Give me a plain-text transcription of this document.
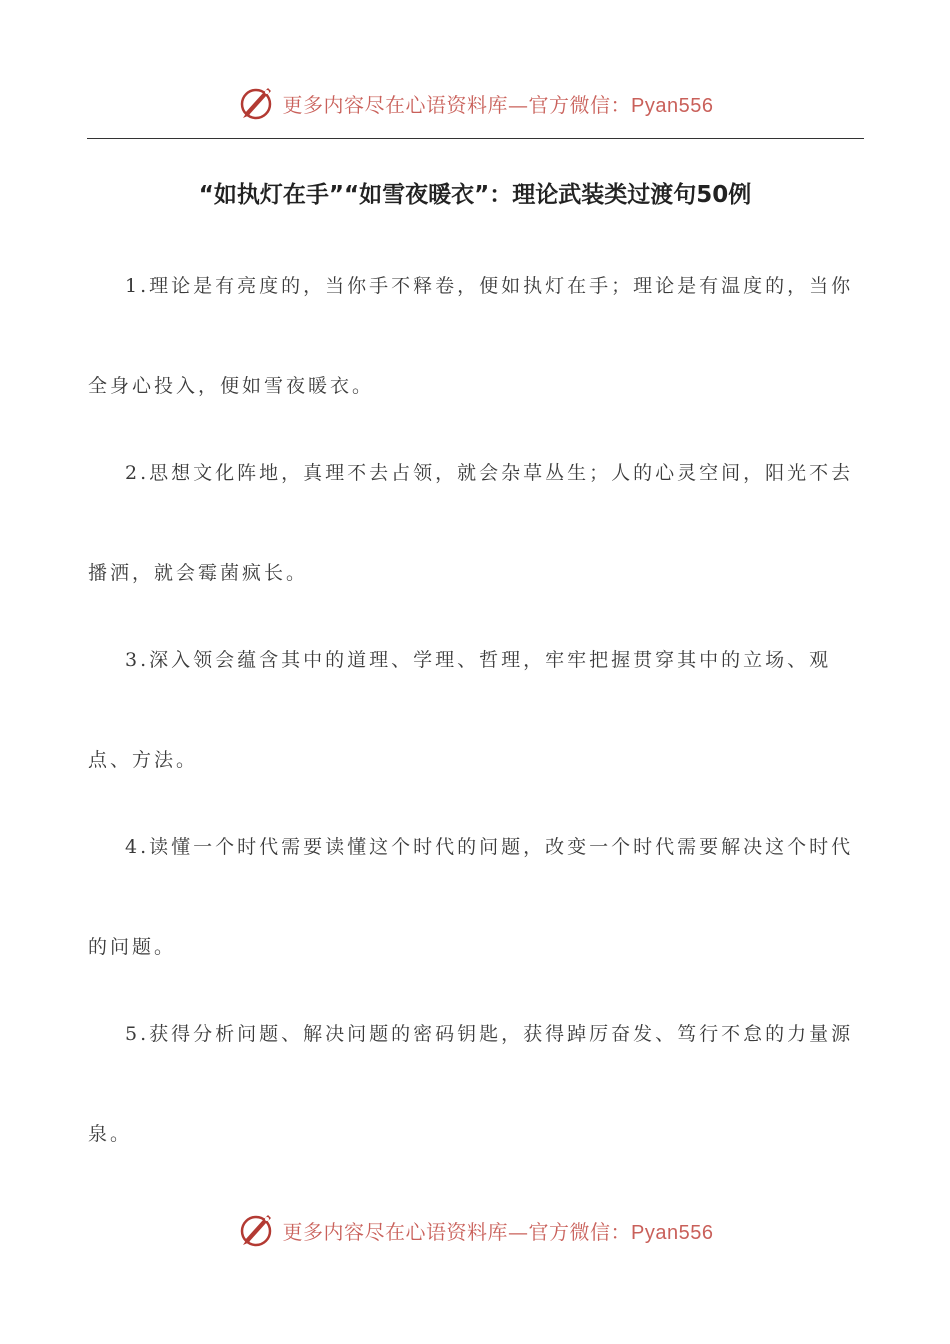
更多内容尽在心语资料库—官方微信：Pyan556
“如执灯在手”“如雪夜暖衣”：理论武装类过渡句50例
1.理论是有亮度的，当你手不释卷，便如执灯在手；理论是有温度的，当你全身心投入，便如雪夜暖衣。
2.思想文化阵地，真理不去占领，就会杂草丛生；人的心灵空间，阳光不去播洒，就会霉菌疯长。
3.深入领会蕴含其中的道理、学理、哲理，牢牢把握贯穿其中的立场、观点、方法。
4.读懂一个时代需要读懂这个时代的问题，改变一个时代需要解决这个时代的问题。
5.获得分析问题、解决问题的密码钥匙，获得踔厉奋发、笃行不怠的力量源泉。
更多内容尽在心语资料库—官方微信：Pyan556
